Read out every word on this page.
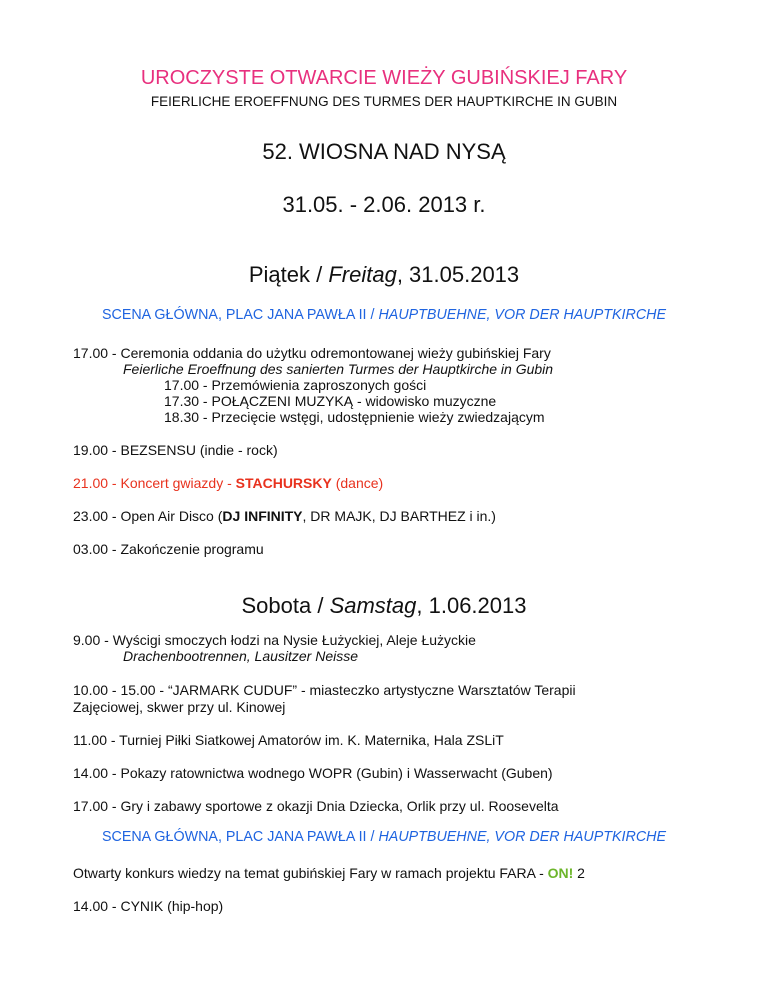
UROCZYSTE OTWARCIE WIEŻY GUBIŃSKIEJ FARY
FEIERLICHE EROEFFNUNG DES TURMES DER HAUPTKIRCHE IN GUBIN
52. WIOSNA NAD NYSĄ
31.05. - 2.06. 2013 r.
Piątek / Freitag, 31.05.2013
SCENA GŁÓWNA, PLAC JANA PAWŁA II / HAUPTBUEHNE, VOR DER HAUPTKIRCHE
17.00 - Ceremonia oddania do użytku odremontowanej wieży gubińskiej Fary
Feierliche Eroeffnung des sanierten Turmes der Hauptkirche in Gubin
17.00 - Przemówienia zaproszonych gości
17.30 - POŁĄCZENI MUZYKĄ - widowisko muzyczne
18.30 - Przecięcie wstęgi, udostępnienie wieży zwiedzającym
19.00 - BEZSENSU (indie - rock)
21.00 - Koncert gwiazdy - STACHURSKY (dance)
23.00 - Open Air Disco (DJ INFINITY, DR MAJK, DJ BARTHEZ i in.)
03.00 - Zakończenie programu
Sobota / Samstag, 1.06.2013
9.00 - Wyścigi smoczych łodzi na Nysie Łużyckiej, Aleje Łużyckie
Drachenbootrennen, Lausitzer Neisse
10.00 - 15.00 - “JARMARK CUDUF” - miasteczko artystyczne Warsztatów Terapii
Zajęciowej, skwer przy ul. Kinowej
11.00 - Turniej Piłki Siatkowej Amatorów im. K. Maternika, Hala ZSLiT
14.00 - Pokazy ratownictwa wodnego WOPR (Gubin) i Wasserwacht (Guben)
17.00 - Gry i zabawy sportowe z okazji Dnia Dziecka, Orlik przy ul. Roosevelta
SCENA GŁÓWNA, PLAC JANA PAWŁA II / HAUPTBUEHNE, VOR DER HAUPTKIRCHE
Otwarty konkurs wiedzy na temat gubińskiej Fary w ramach projektu FARA - ON! 2
14.00 - CYNIK (hip-hop)
